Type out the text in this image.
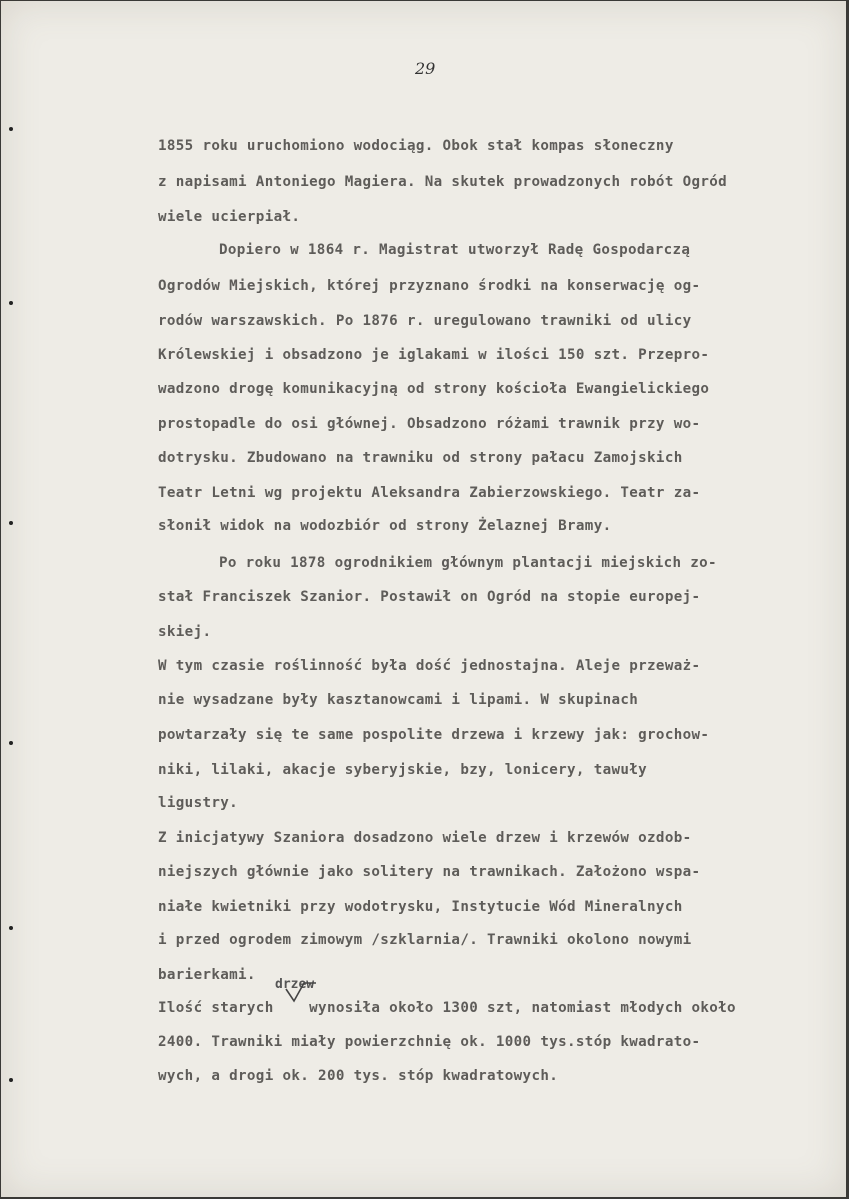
29
1855 roku uruchomiono wodociąg. Obok stał kompas słoneczny
z napisami Antoniego Magiera. Na skutek prowadzonych robót Ogród
wiele ucierpiał.
Dopiero w 1864 r. Magistrat utworzył Radę Gospodarczą
Ogrodów Miejskich, której przyznano środki na konserwację og-
rodów warszawskich. Po 1876 r. uregulowano trawniki od ulicy
Królewskiej i obsadzono je iglakami w ilości 150 szt. Przepro-
wadzono drogę komunikacyjną od strony kościoła Ewangielickiego
prostopadle do osi głównej. Obsadzono różami trawnik przy wo-
dotrysku. Zbudowano na trawniku od strony pałacu Zamojskich
Teatr Letni wg projektu Aleksandra Zabierzowskiego. Teatr za-
słonił widok na wodozbiór od strony Żelaznej Bramy.
Po roku 1878 ogrodnikiem głównym plantacji miejskich zo-
stał Franciszek Szanior. Postawił on Ogród na stopie europej-
skiej.
W tym czasie roślinność była dość jednostajna. Aleje przeważ-
nie wysadzane były kasztanowcami i lipami. W skupinach
powtarzały się te same pospolite drzewa i krzewy jak: grochow-
niki, lilaki, akacje syberyjskie, bzy, lonicery, tawuły
ligustry.
Z inicjatywy Szaniora dosadzono wiele drzew i krzewów ozdob-
niejszych głównie jako solitery na trawnikach. Założono wspa-
niałe kwietniki przy wodotrysku, Instytucie Wód Mineralnych
i przed ogrodem zimowym /szklarnia/. Trawniki okolono nowymi
barierkami.
drzew
Ilość starych    wynosiła około 1300 szt, natomiast młodych około
2400. Trawniki miały powierzchnię ok. 1000 tys.stóp kwadrato-
wych, a drogi ok. 200 tys. stóp kwadratowych.
